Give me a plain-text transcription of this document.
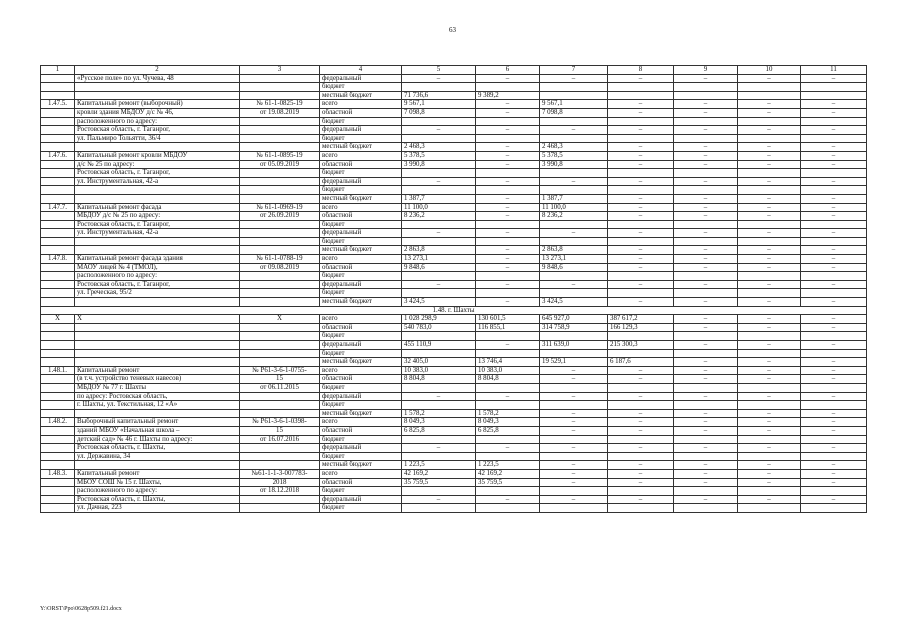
63
1	2	3	4	5	6	7	8	9	10	11
	«Русское поле» по ул. Чучева, 48		федеральный	–	–	–	–	–	–	–
			бюджет							
			местный бюджет	71 736,6	9 389,2					
1.47.5.	Капитальный ремонт (выборочный)	№ 61-1-0825-19	всего	9 567,1	–	9 567,1	–	–	–	–
	кровли здания МБДОУ д/с № 46,	от 19.08.2019	областной	7 098,8	–	7 098,8	–	–	–	–
	расположенного по адресу:		бюджет							
	Ростовская область, г. Таганрог,		федеральный	–	–	–	–	–	–	–
	ул. Пальмиро Тольятти, 36/4		бюджет							
			местный бюджет	2 468,3	–	2 468,3	–	–	–	–
1.47.6.	Капитальный ремонт кровли МБДОУ	№ 61-1-0895-19	всего	5 378,5	–	5 378,5	–	–	–	–
	д/с № 25 по адресу:	от 05.09.2019	областной	3 990,8	–	3 990,8	–	–	–	–
	Ростовская область, г. Таганрог,		бюджет							
	ул. Инструментальная, 42-а		федеральный	–	–	–	–	–	–	–
			бюджет							
			местный бюджет	1 387,7	–	1 387,7	–	–	–	–
1.47.7.	Капитальный ремонт фасада	№ 61-1-0969-19	всего	11 100,0	–	11 100,0	–	–	–	–
	МБДОУ д/с № 25 по адресу:	от 26.09.2019	областной	8 236,2	–	8 236,2	–	–	–	–
	Ростовская область, г. Таганрог,		бюджет							
	ул. Инструментальная, 42-а		федеральный	–	–	–	–	–	–	–
			бюджет							
			местный бюджет	2 863,8	–	2 863,8	–	–	–	–
1.47.8.	Капитальный ремонт фасада здания	№ 61-1-0788-19	всего	13 273,1	–	13 273,1	–	–	–	–
	МАОУ лицей № 4 (ТМОЛ),	от 09.08.2019	областной	9 848,6	–	9 848,6	–	–	–	–
	расположенного по адресу:		бюджет							
	Ростовская область, г. Таганрог,		федеральный	–	–	–	–	–	–	–
	ул. Греческая, 95/2		бюджет							
			местный бюджет	3 424,5	–	3 424,5	–	–	–	–
1.48. г. Шахты										
Х	Х	Х	всего	1 028 298,9	130 601,5	645 927,0	387 617,2	–	–	–
			областной	540 783,0	116 855,1	314 758,9	166 129,3	–	–	–
			бюджет							
			федеральный	455 110,9	–	311 639,0	215 300,3	–	–	–
			бюджет							
			местный бюджет	32 405,0	13 746,4	19 529,1	6 187,6	–	–	–
1.48.1.	Капитальный ремонт	№ Р61-3-6-1-0755-	всего	10 383,0	10 383,0	–	–	–	–	–
	(в т.ч. устройство теневых навесов)	15	областной	8 804,8	8 804,8	–	–	–	–	–
	МБДОУ № 77 г. Шахты	от 06.11.2015	бюджет							
	по адресу: Ростовская область,		федеральный	–	–	–	–	–	–	–
	г. Шахты, ул. Текстильная, 12 «А»		бюджет							
			местный бюджет	1 578,2	1 578,2	–	–	–	–	–
1.48.2.	Выборочный капитальный ремонт	№ Р61-3-6-1-0398-	всего	8 049,3	8 049,3	–	–	–	–	–
	зданий МБОУ «Начальная школа –	15	областной	6 825,8	6 825,8	–	–	–	–	–
	детский сад» № 46 г. Шахты по адресу:	от 16.07.2016	бюджет							
	Ростовская область, г. Шахты,		федеральный	–	–	–	–	–	–	–
	ул. Державина, 34		бюджет							
			местный бюджет	1 223,5	1 223,5	–	–	–	–	–
1.48.3.	Капитальный ремонт	№61-1-1-3-007783-	всего	42 169,2	42 169,2	–	–	–	–	–
	МБОУ СОШ № 15 г. Шахты,	2018	областной	35 759,5	35 759,5	–	–	–	–	–
	расположенного по адресу:	от 18.12.2018	бюджет							
	Ростовская область, г. Шахты,		федеральный	–	–	–	–	–	–	–
	ул. Дачная, 223		бюджет							
Y:\ORST\Ppo\0628p509.f21.docx
